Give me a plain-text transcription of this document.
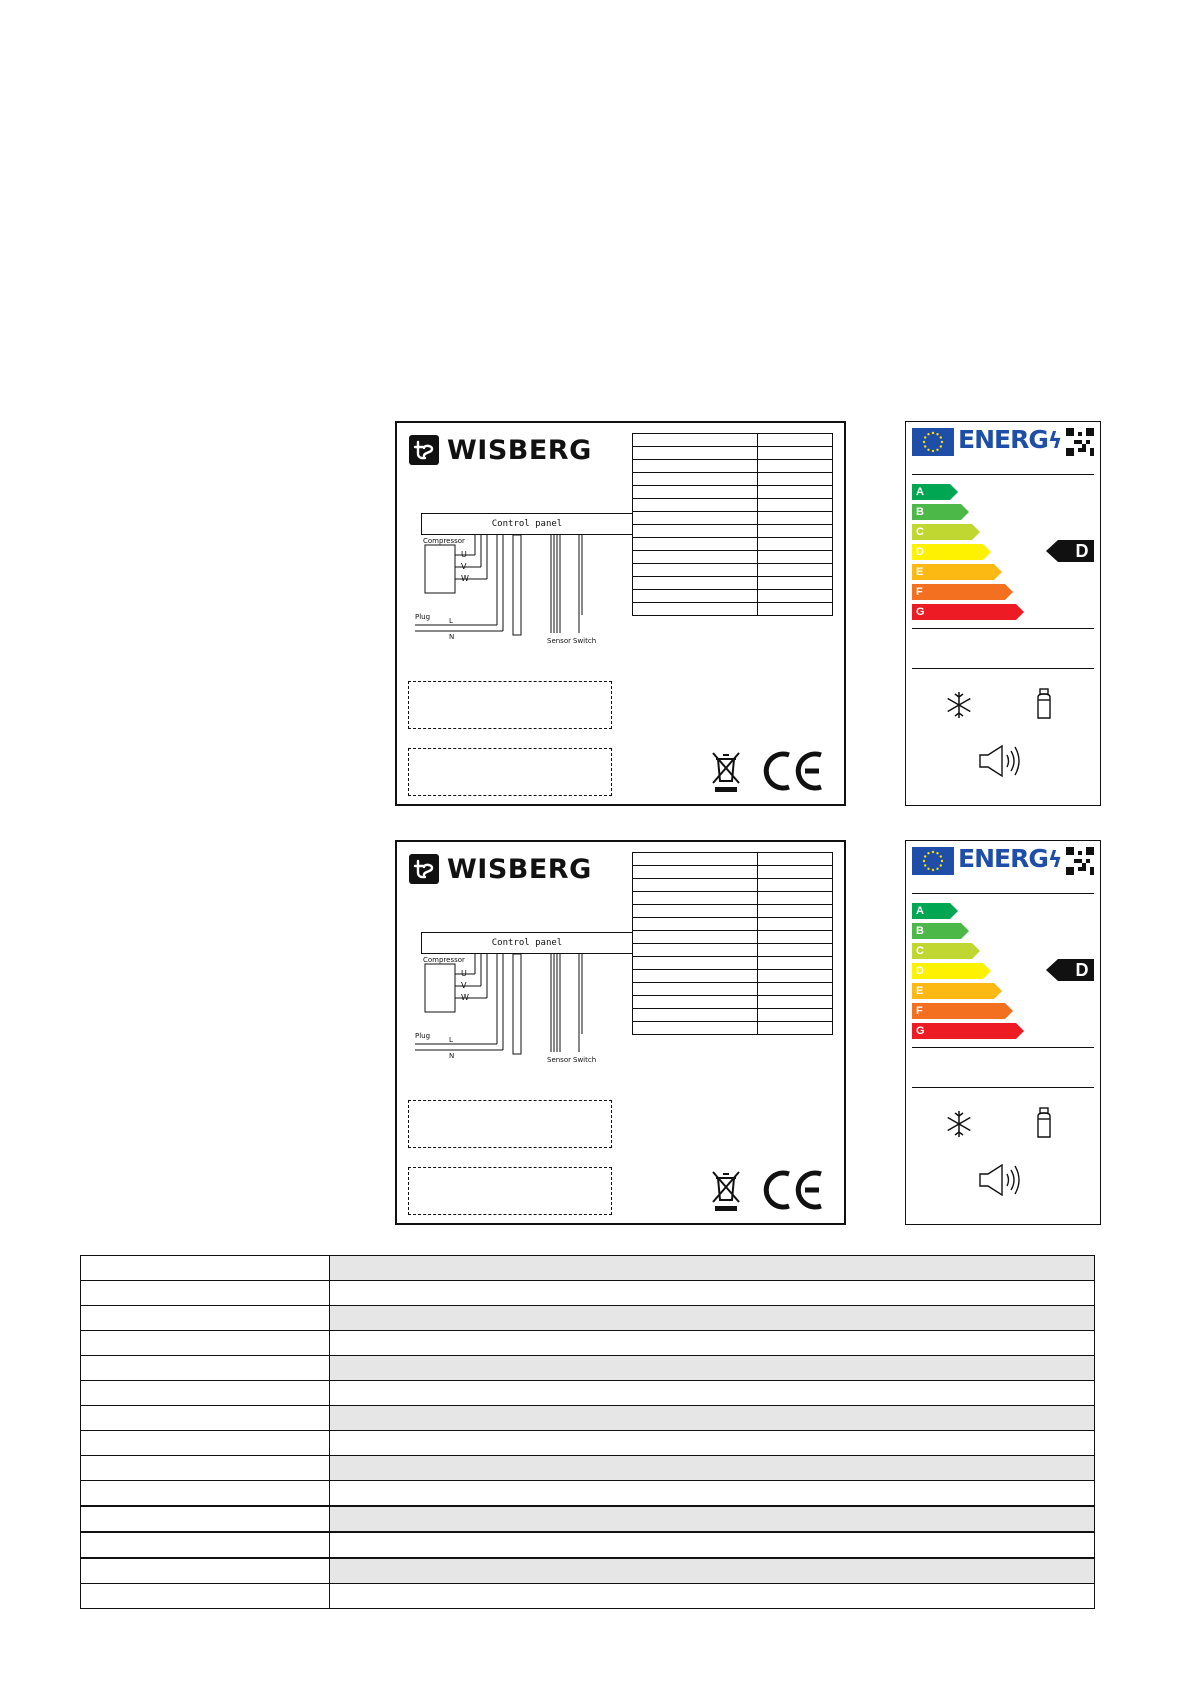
WISBERG

Control panel
Compressor
U
V
W
Plug	L
N	Sensor Switch
ENERGϟ
A
B
C
D
E
F
G
D
WISBERG

Control panel
Compressor
U
V
W
Plug	L
N	Sensor Switch
ENERGϟ
A
B
C
D
E
F
G
D
